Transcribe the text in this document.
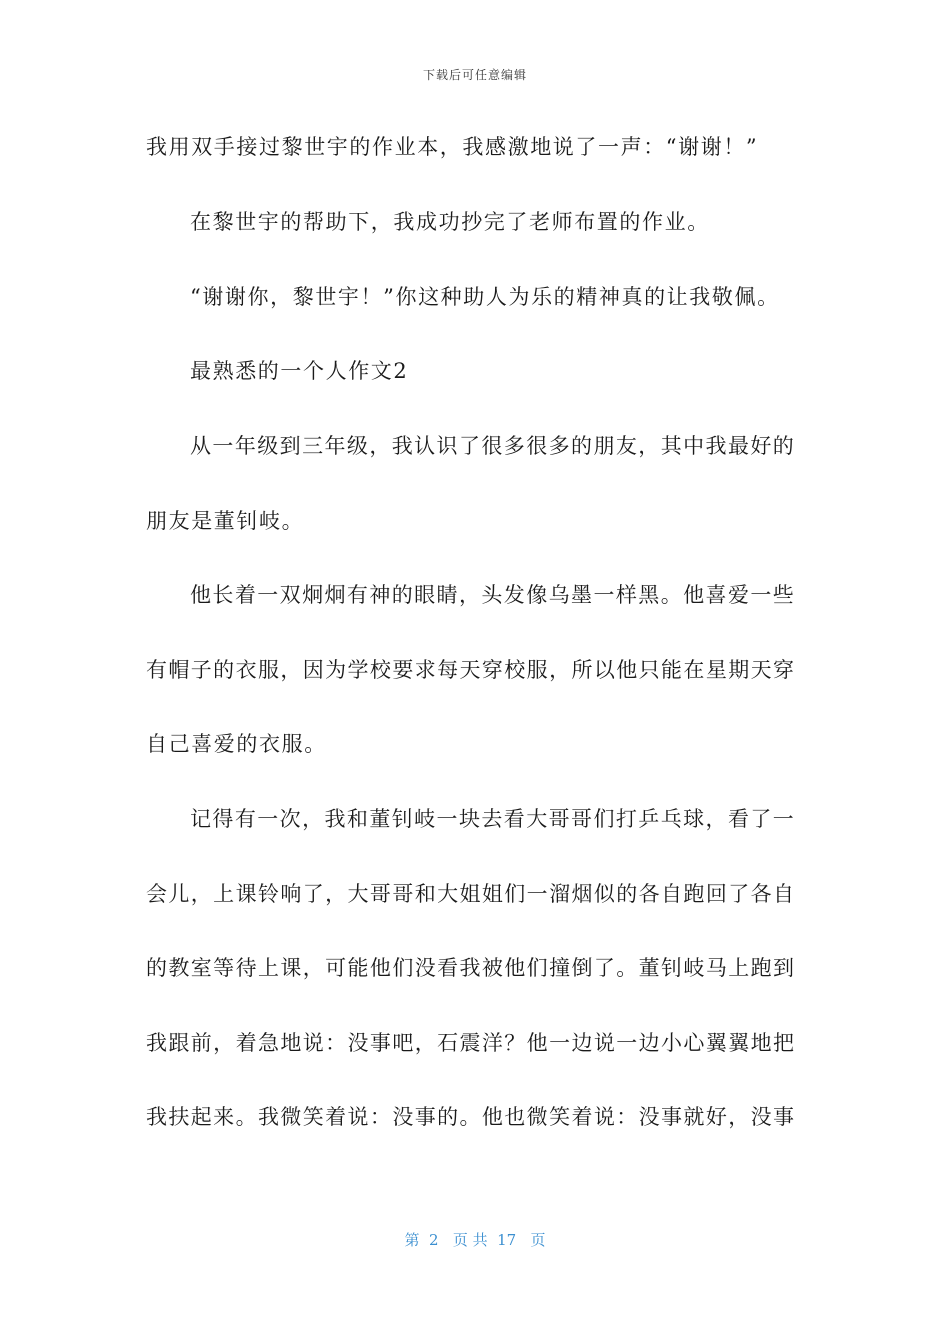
下载后可任意编辑
我用双手接过黎世宇的作业本，我感激地说了一声：“谢谢！”
在黎世宇的帮助下，我成功抄完了老师布置的作业。
“谢谢你，黎世宇！”你这种助人为乐的精神真的让我敬佩。
最熟悉的一个人作文2
从一年级到三年级，我认识了很多很多的朋友，其中我最好的
朋友是董钊岐。
他长着一双炯炯有神的眼睛，头发像乌墨一样黑。他喜爱一些
有帽子的衣服，因为学校要求每天穿校服，所以他只能在星期天穿
自己喜爱的衣服。
记得有一次，我和董钊岐一块去看大哥哥们打乒乓球，看了一
会儿，上课铃响了，大哥哥和大姐姐们一溜烟似的各自跑回了各自
的教室等待上课，可能他们没看我被他们撞倒了。董钊岐马上跑到
我跟前，着急地说：没事吧，石震洋？他一边说一边小心翼翼地把
我扶起来。我微笑着说：没事的。他也微笑着说：没事就好，没事
第  2   页 共  17   页
